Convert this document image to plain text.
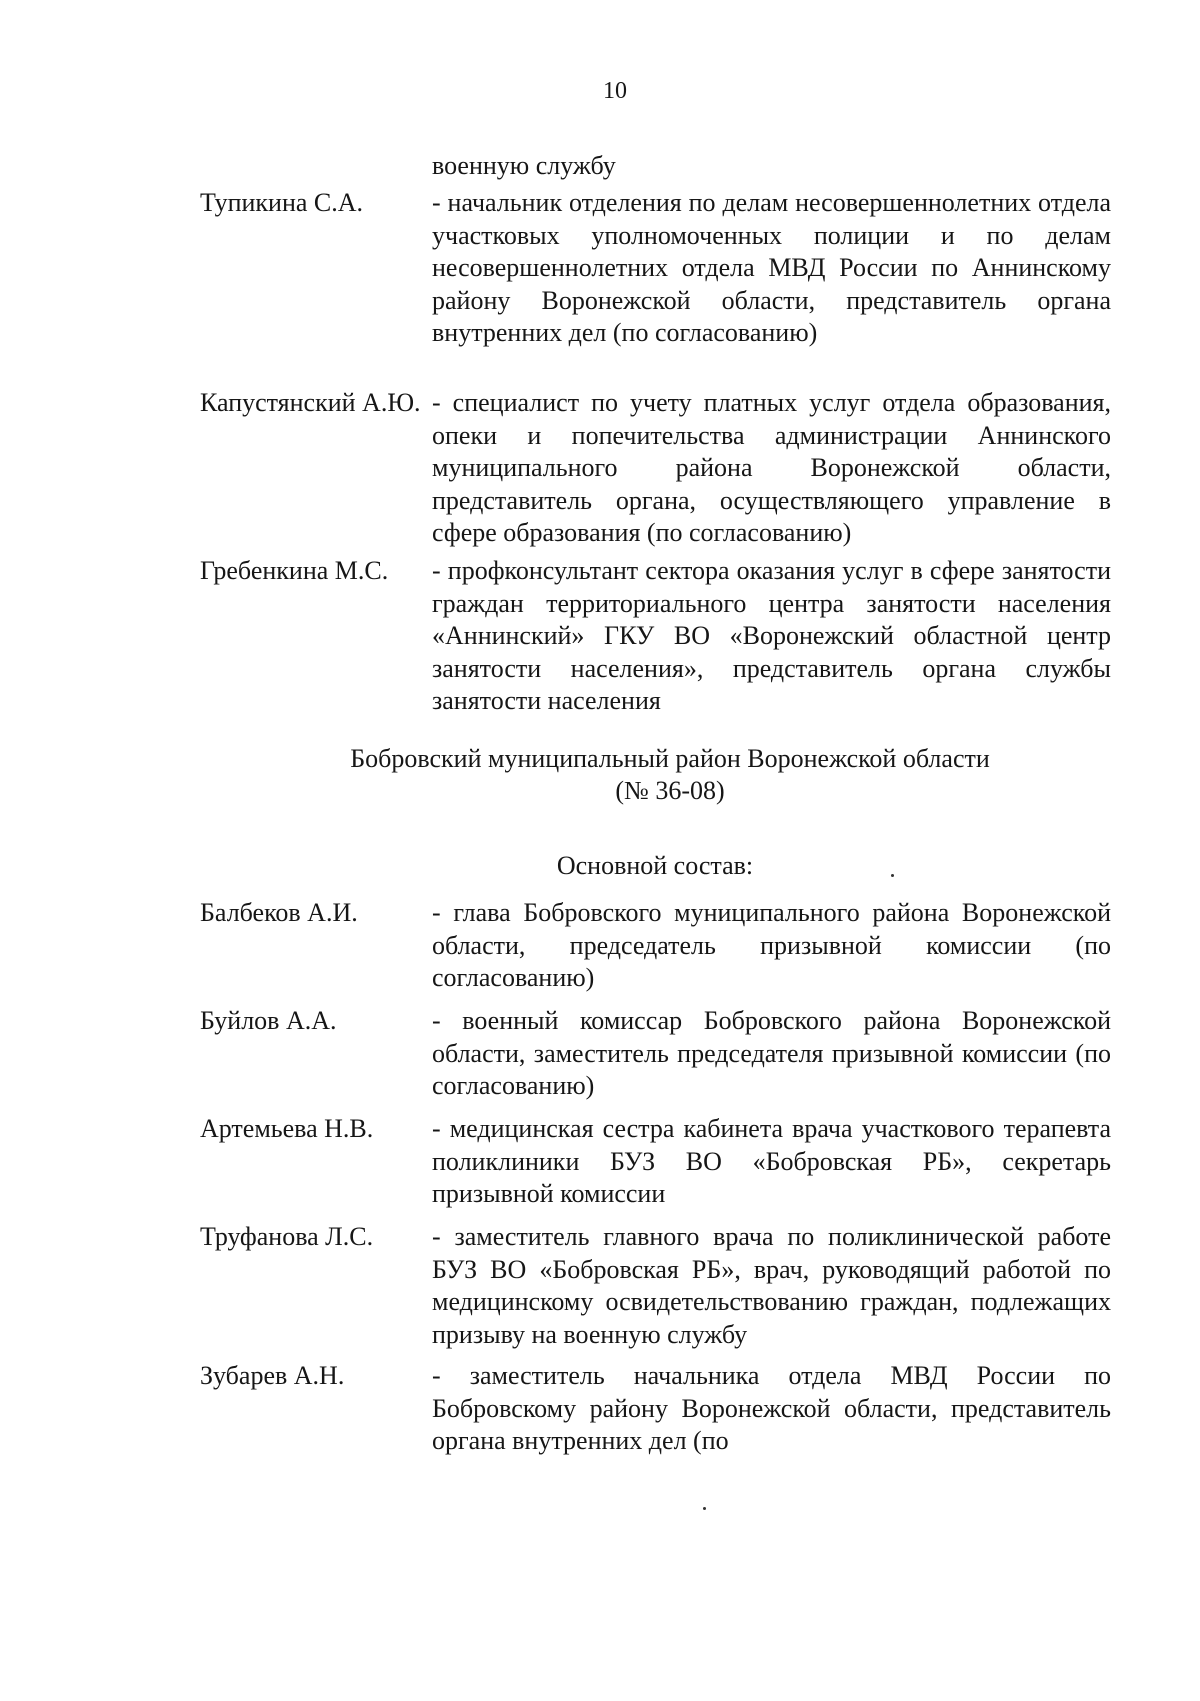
10
военную службу
Тупикина С.А.	- начальник отделения по делам несовершеннолетних отдела участковых уполномоченных полиции и по делам несовершеннолетних отдела МВД России по Аннинскому району Воронежской области, представитель органа внутренних дел (по согласованию)
Капустянский А.Ю. - специалист по учету платных услуг отдела образования, опеки и попечительства администрации Аннинского муниципального района Воронежской области, представитель органа, осуществляющего управление в сфере образования (по согласованию)
Гребенкина М.С.	- профконсультант сектора оказания услуг в сфере занятости граждан территориального центра занятости населения «Аннинский» ГКУ ВО «Воронежский областной центр занятости населения», представитель органа службы занятости населения
Бобровский муниципальный район Воронежской области
(№ 36-08)
Основной состав:
Балбеков А.И.	- глава Бобровского муниципального района Воронежской области, председатель призывной комиссии (по согласованию)
Буйлов А.А.	- военный комиссар Бобровского района Воронежской области, заместитель председателя призывной комиссии (по согласованию)
Артемьева Н.В.	- медицинская сестра кабинета врача участкового терапевта поликлиники БУЗ ВО «Бобровская РБ», секретарь призывной комиссии
Труфанова Л.С.	- заместитель главного врача по поликлинической работе БУЗ ВО «Бобровская РБ», врач, руководящий работой по медицинскому освидетельствованию граждан, подлежащих призыву на военную службу
Зубарев А.Н.	- заместитель начальника отдела МВД России по Бобровскому району Воронежской области, представитель органа внутренних дел (по
